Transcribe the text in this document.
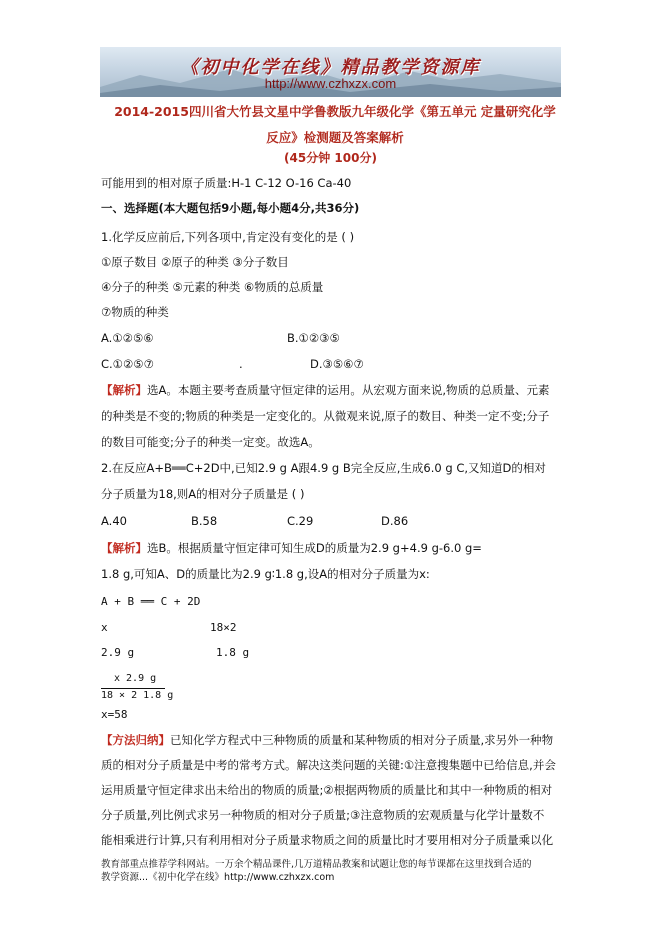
《初中化学在线》精品教学资源库
http://www.czhxzx.com
2014-2015四川省大竹县文星中学鲁教版九年级化学《第五单元 定量研究化学
反应》检测题及答案解析
(45分钟 100分)
可能用到的相对原子质量:H-1 C-12 O-16 Ca-40
一、选择题(本大题包括9小题,每小题4分,共36分)
1.化学反应前后,下列各项中,肯定没有变化的是 ( )
①原子数目 ②原子的种类 ③分子数目
④分子的种类 ⑤元素的种类 ⑥物质的总质量
⑦物质的种类
A.①②⑤⑥	B.①②③⑤
C.①②⑤⑦	.	D.③⑤⑥⑦
【解析】选A。本题主要考查质量守恒定律的运用。从宏观方面来说,物质的总质量、元素
的种类是不变的;物质的种类是一定变化的。从微观来说,原子的数目、种类一定不变;分子
的数目可能变;分子的种类一定变。故选A。
2.在反应A+B══C+2D中,已知2.9 g A跟4.9 g B完全反应,生成6.0 g C,又知道D的相对
分子质量为18,则A的相对分子质量是 ( )
A.40	B.58	C.29	D.86
【解析】选B。根据质量守恒定律可知生成D的质量为2.9 g+4.9 g-6.0 g=
1.8 g,可知A、D的质量比为2.9 g∶1.8 g,设A的相对分子质量为x:
A + B ══ C + 2D
x	18×2
2.9 g	1.8 g
x 2.9 g
18 × 2 1.8 g
x=58
【方法归纳】已知化学方程式中三种物质的质量和某种物质的相对分子质量,求另外一种物
质的相对分子质量是中考的常考方式。解决这类问题的关键:①注意搜集题中已给信息,并会
运用质量守恒定律求出未给出的物质的质量;②根据两物质的质量比和其中一种物质的相对
分子质量,列比例式求另一种物质的相对分子质量;③注意物质的宏观质量与化学计量数不
能相乘进行计算,只有利用相对分子质量求物质之间的质量比时才要用相对分子质量乘以化
教育部重点推荐学科网站。一万余个精品课件,几万道精品教案和试题让您的每节课都在这里找到合适的
教学资源...《初中化学在线》http://www.czhxzx.com
